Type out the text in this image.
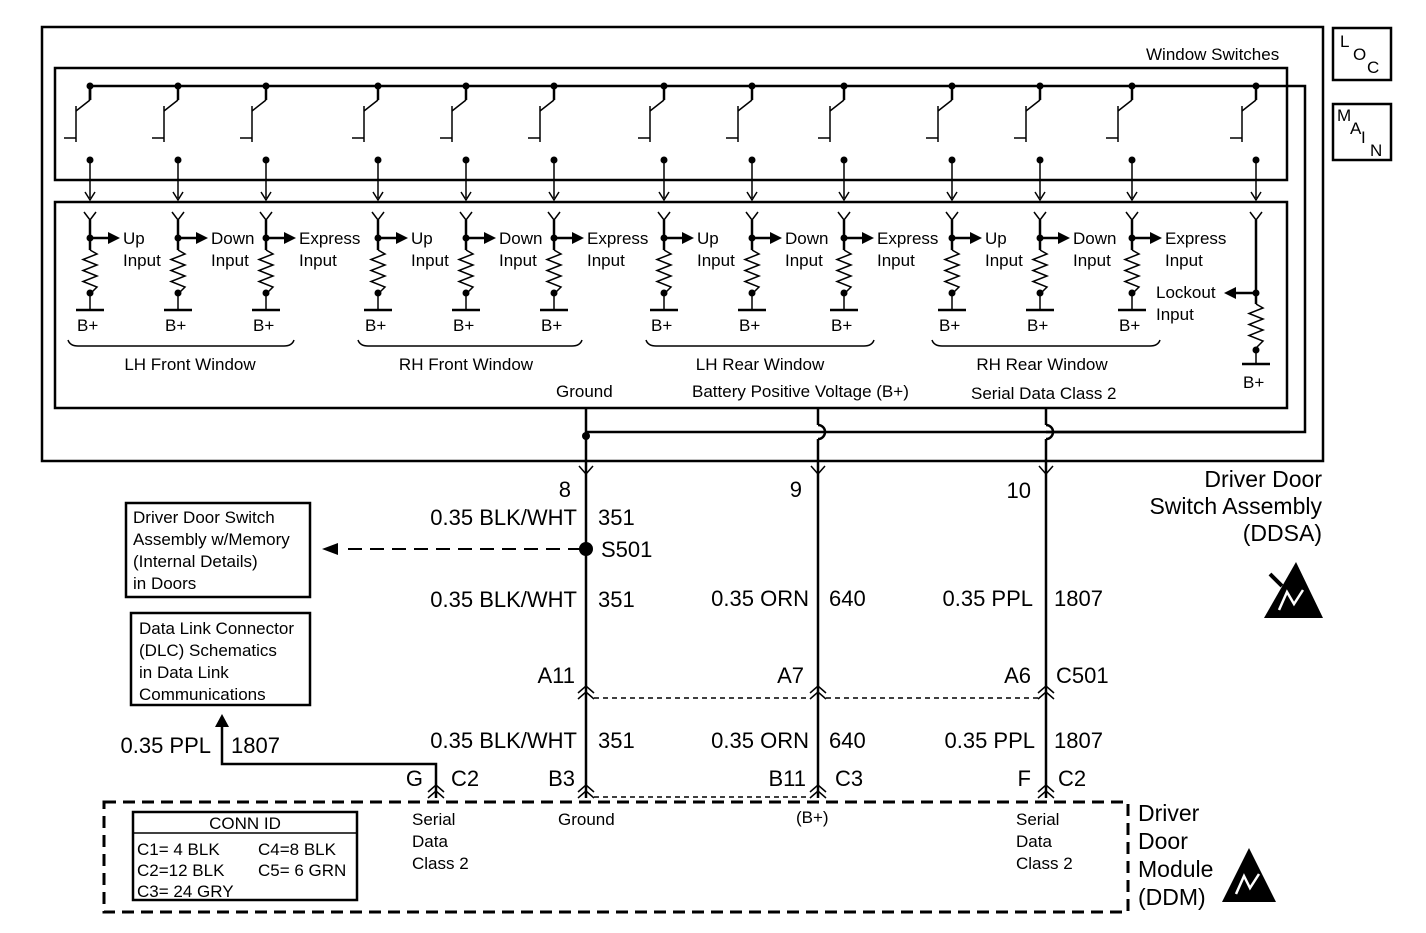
L
O
C
M
A I
N
Window Switches
Up
Input
B+
Down
Input
B+
Express
Input
B+
Up
Input
B+
Down
Input
B+
Express
Input
B+
Up
Input
B+
Down
Input
B+
Express
Input
B+
Up
Input
B+
Down
Input
B+
Express
Input
B+
LH Front Window	RH Front Window	LH Rear Window	RH Rear Window
Lockout
Input
B+
Ground	Battery Positive Voltage (B+)	Serial Data Class 2
Driver Door
Switch Assembly
(DDSA)
8	9	10
0.35 BLK/WHT 351
S501
Driver Door Switch
Assembly w/Memory
(Internal Details)
in Doors
Data Link Connector
(DLC) Schematics
in Data Link
Communications
0.35 BLK/WHT 351	0.35 ORN 640	0.35 PPL 1807
A11	A7	A6 C501
0.35 BLK/WHT 351	0.35 ORN 640	0.35 PPL 1807
0.35 PPL 1807
G C2	B3	B11 C3	F C2
Serial
Data
Class 2
Ground	(B+)	Serial
Data
Class 2
Driver
Door
Module
(DDM)
CONN ID
C1= 4 BLK C4=8 BLK
C2=12 BLK C5= 6 GRN
C3= 24 GRY
